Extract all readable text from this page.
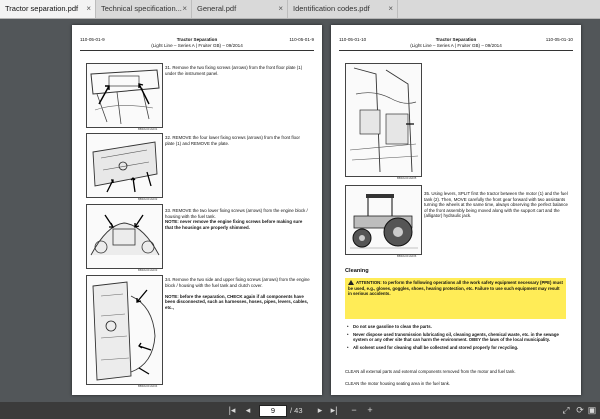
Tractor separation.pdf ×	Technical specification... ×	General.pdf	×	Identification codes.pdf ×
110-05-01-9	Tractor Separation	110-05-01-9
(Light Line – Series A | Fruiter GB) – 09/2014
BBDAC01A031
31. Remove the two fixing screws (arrows) from the front floor plate (1) under the instrument panel.
BBDAC01A032
32. REMOVE the four lower fixing screws (arrows) from the front floor plate (1) and REMOVE the plate.
BBDAC01A033
33. REMOVE the two lower fixing screws (arrows) from the engine block / housing with the fuel tank.
NOTE: never remove the engine fixing screws before making sure that the housings are properly shimmed.
BBDAC01A034
34. Remove the two side and upper fixing screws (arrows) from the engine block / housing with the fuel tank and clutch cover.

NOTE: before the separation, CHECK again if all components have been disconnected, such as harnesses, hoses, pipes, levers, cables, etc.,
110-05-01-10	Tractor Separation	110-05-01-10
(Light Line – Series A | Fruiter GB) – 09/2014
BBDAC01A035
BBDAC01A036
35. Using levers, SPLIT first the tractor between the motor (1) and the fuel tank (2). Then, MOVE carefully the front gear forward with two assistants turning the wheels at the same time, always observing the perfect balance of the front assembly being moved along with the support cart and the (alligator) hydraulic jack.
Cleaning
ATTENTION: to perform the following operations all the work safety equipment necessary (PPE) must be used, e.g., gloves, goggles, shoes, hearing protection, etc. Failure to use such equipment may result in serious accidents.
• Do not use gasoline to clean the parts.
• Never dispose used transmission lubricating oil, cleaning agents, chemical waste, etc. in the sewage system or any other site that can harm the environment. OBEY the laws of the local municipality.
• All solvent used for cleaning shall be collected and stored properly for recycling.
CLEAN all external parts and external components removed from the motor and fuel tank.
CLEAN the motor housing seating area in the fuel tank.
|◂	◂	9	/ 43	▸ ▸|	−	+	⤢ ⟳ ▣
